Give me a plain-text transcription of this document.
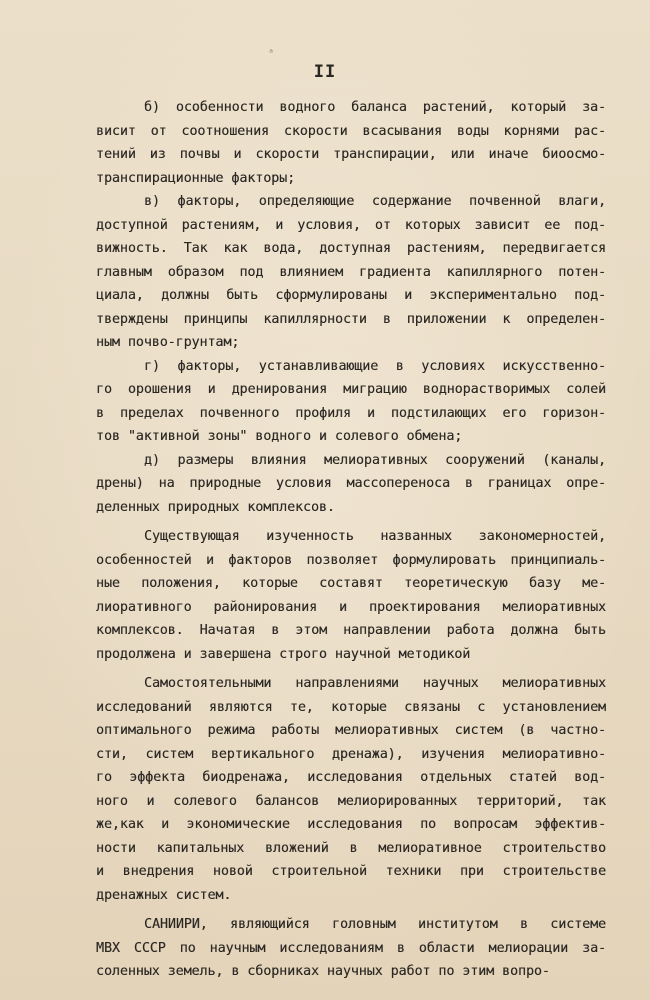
ᵃ
II
б) особенности водного баланса растений, который за-
висит от соотношения скорости всасывания воды корнями рас-
тений из почвы и скорости транспирации, или иначе биоосмо-
транспирационные факторы;
в) факторы, определяющие содержание почвенной влаги,
доступной растениям, и условия, от которых зависит ее под-
вижность. Так как вода, доступная растениям, передвигается
главным образом под влиянием градиента капиллярного потен-
циала, должны быть сформулированы и экспериментально под-
тверждены принципы капиллярности в приложении к определен-
ным почво-грунтам;
г) факторы, устанавливающие в условиях искусственно-
го орошения и дренирования миграцию воднорастворимых солей
в пределах почвенного профиля и подстилающих его горизон-
тов "активной зоны" водного и солевого обмена;
д) размеры влияния мелиоративных сооружений (каналы,
дрены) на природные условия массопереноса в границах опре-
деленных природных комплексов.
Существующая изученность названных закономерностей,
особенностей и факторов позволяет формулировать принципиаль-
ные положения, которые составят теоретическую базу ме-
лиоративного районирования и проектирования мелиоративных
комплексов. Начатая в этом направлении работа должна быть
продолжена и завершена строго научной методикой
Самостоятельными направлениями научных мелиоративных
исследований являются те, которые связаны с установлением
оптимального режима работы мелиоративных систем (в частно-
сти, систем вертикального дренажа), изучения мелиоративно-
го эффекта биодренажа, исследования отдельных статей вод-
ного и солевого балансов мелиорированных территорий, так
же,как и экономические исследования по вопросам эффектив-
ности капитальных вложений в мелиоративное строительство
и внедрения новой строительной техники при строительстве
дренажных систем.
САНИИРИ, являющийся головным институтом в системе
МВХ СССР по научным исследованиям в области мелиорации за-
соленных земель, в сборниках научных работ по этим вопро-
